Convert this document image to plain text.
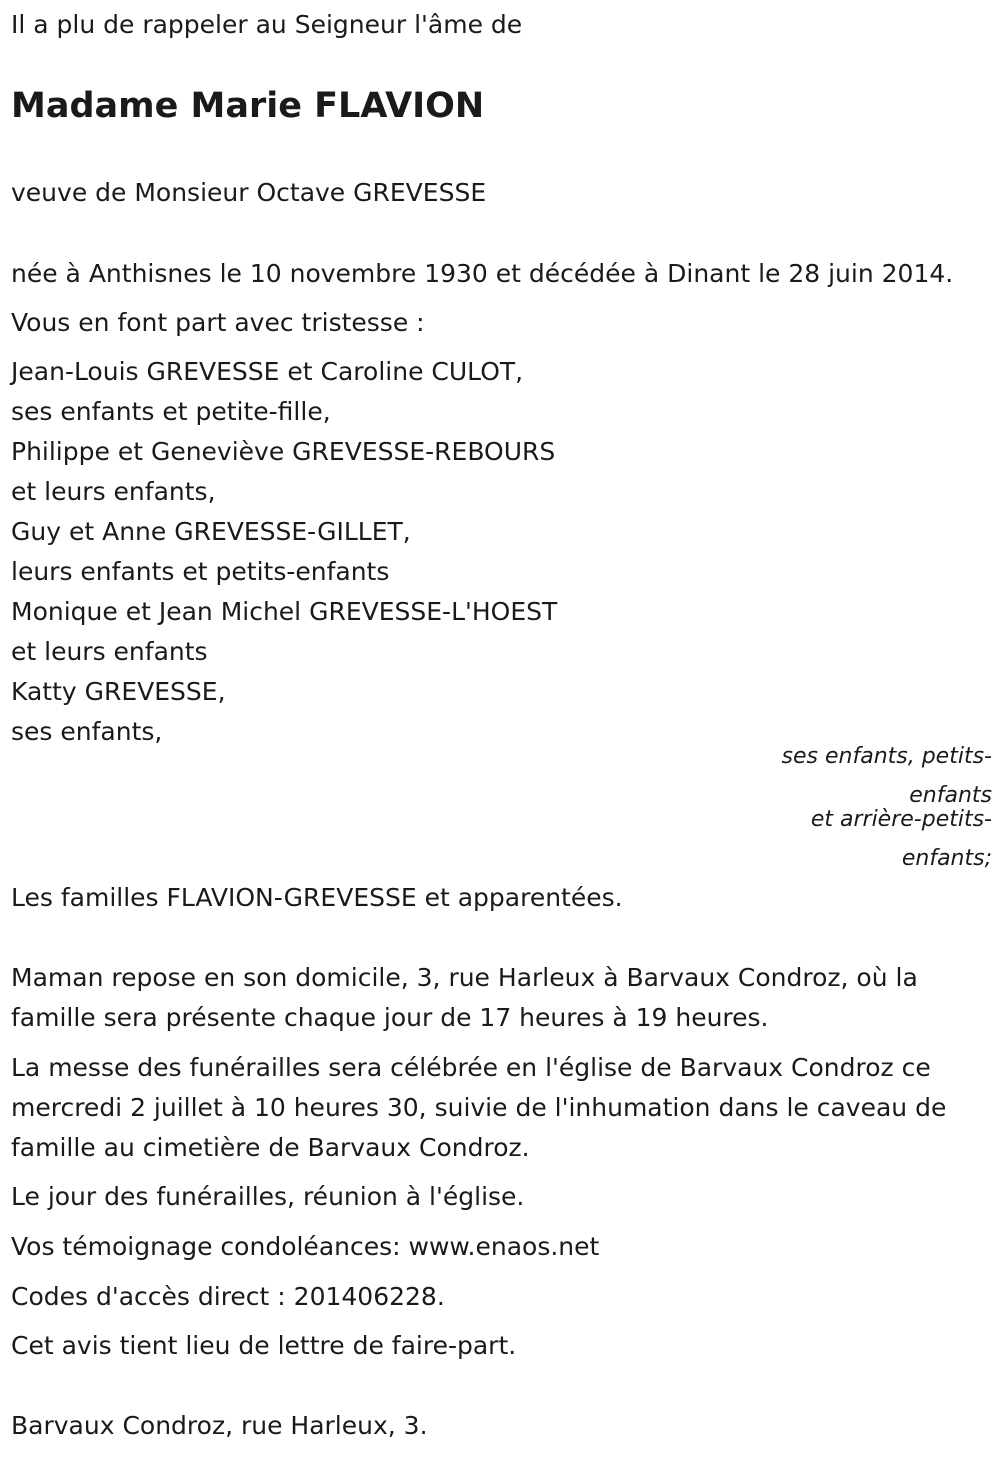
Il a plu de rappeler au Seigneur l'âme de

Madame Marie FLAVION

veuve de Monsieur Octave GREVESSE

née à Anthisnes le 10 novembre 1930 et décédée à Dinant le 28 juin 2014.

Vous en font part avec tristesse :

Jean-Louis GREVESSE et Caroline CULOT,
ses enfants et petite-fille,
Philippe et Geneviève GREVESSE-REBOURS
et leurs enfants,
Guy et Anne GREVESSE-GILLET,
leurs enfants et petits-enfants
Monique et Jean Michel GREVESSE-L'HOEST
et leurs enfants
Katty GREVESSE,
ses enfants,

ses enfants, petits-

enfants

et arrière-petits-

enfants;

Les familles FLAVION-GREVESSE et apparentées.

Maman repose en son domicile, 3, rue Harleux à Barvaux Condroz, où la famille sera présente chaque jour de 17 heures à 19 heures.

La messe des funérailles sera célébrée en l'église de Barvaux Condroz ce mercredi 2 juillet à 10 heures 30, suivie de l'inhumation dans le caveau de famille au cimetière de Barvaux Condroz.

Le jour des funérailles, réunion à l'église.

Vos témoignage condoléances: www.enaos.net

Codes d'accès direct : 201406228.

Cet avis tient lieu de lettre de faire-part.

Barvaux Condroz, rue Harleux, 3.
